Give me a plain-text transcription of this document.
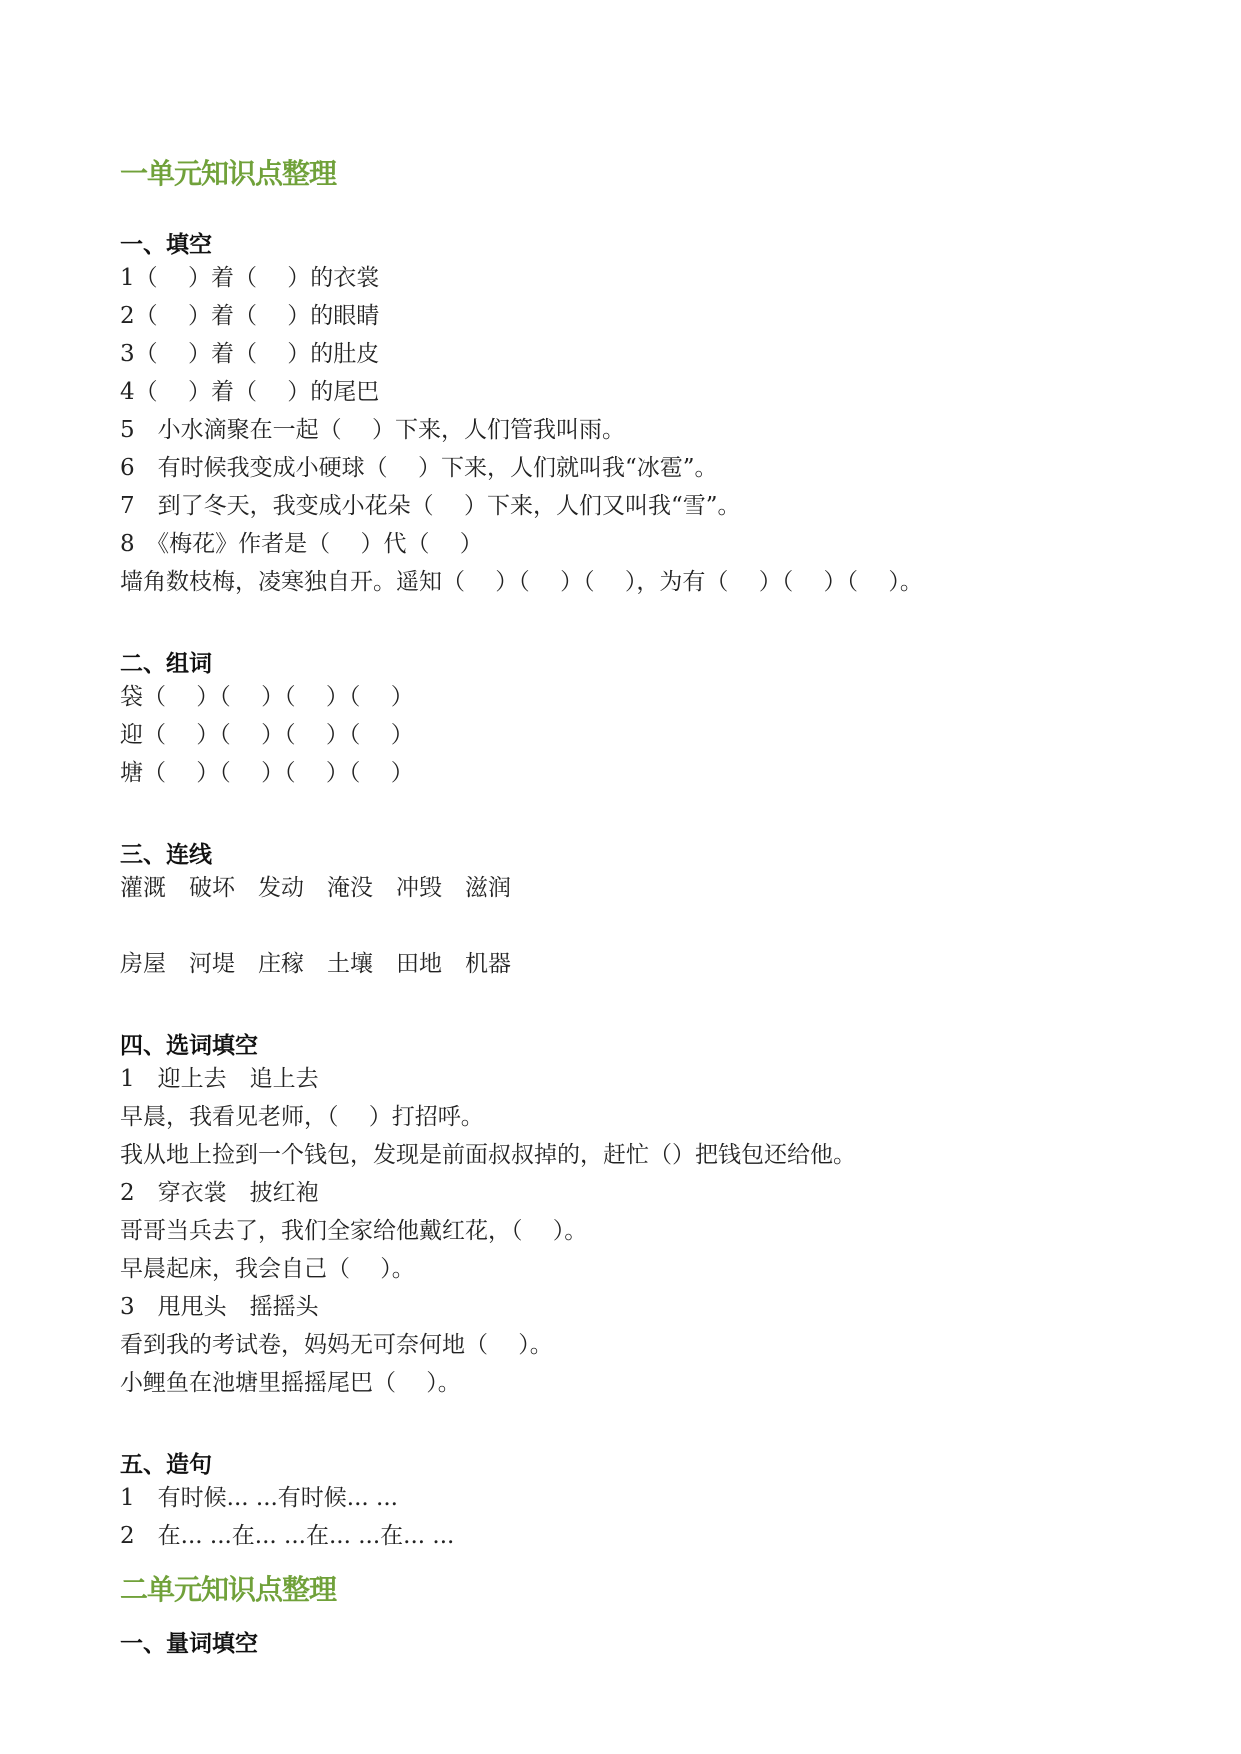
一单元知识点整理
一、填空
1（　 ）着（　 ）的衣裳
2（　 ）着（　 ）的眼睛
3（　 ）着（　 ）的肚皮
4（　 ）着（　 ）的尾巴
5　小水滴聚在一起（　 ）下来，人们管我叫雨。
6　有时候我变成小硬球（　 ）下来，人们就叫我“冰雹”。
7　到了冬天，我变成小花朵（　 ）下来，人们又叫我“雪”。
8　《梅花》作者是（　 ）代（　 ）
墙角数枝梅，凌寒独自开。遥知（　 ）（　 ）（　 ），为有（　 ）（　 ）（　 ）。
二、组词
袋（　 ）（　 ）（　 ）（　 ）
迎（　 ）（　 ）（　 ）（　 ）
塘（　 ）（　 ）（　 ）（　 ）
三、连线
灌溉　破坏　发动　淹没　冲毁　滋润
房屋　河堤　庄稼　土壤　田地　机器
四、选词填空
1　迎上去　追上去
早晨，我看见老师，（　 ）打招呼。
我从地上捡到一个钱包，发现是前面叔叔掉的，赶忙（）把钱包还给他。
2　穿衣裳　披红袍
哥哥当兵去了，我们全家给他戴红花，（　 ）。
早晨起床，我会自己（　 ）。
3　甩甩头　摇摇头
看到我的考试卷，妈妈无可奈何地（　 ）。
小鲤鱼在池塘里摇摇尾巴（　 ）。
五、造句
1　有时候... ...有时候... ...
2　在... ...在... ...在... ...在... ...
二单元知识点整理
一、量词填空
